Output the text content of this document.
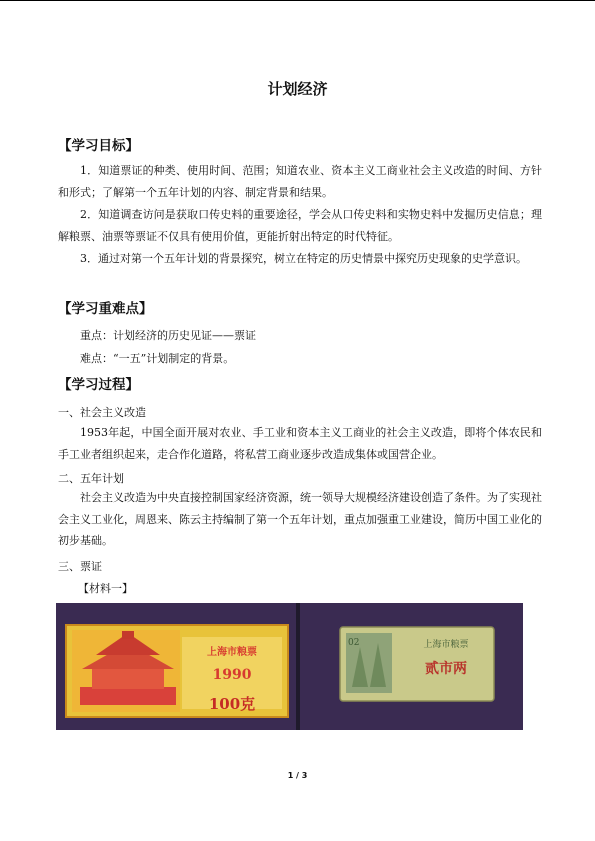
计划经济
【学习目标】

1．知道票证的种类、使用时间、范围；知道农业、资本主义工商业社会主义改造的时间、方针和形式；了解第一个五年计划的内容、制定背景和结果。

2．知道调查访问是获取口传史料的重要途径，学会从口传史料和实物史料中发掘历史信息；理解粮票、油票等票证不仅具有使用价值，更能折射出特定的时代特征。

3．通过对第一个五年计划的背景探究，树立在特定的历史情景中探究历史现象的史学意识。

【学习重难点】
重点：计划经济的历史见证——票证
难点：“一五”计划制定的背景。
【学习过程】
一、社会主义改造

1953年起，中国全面开展对农业、手工业和资本主义工商业的社会主义改造，即将个体农民和手工业者组织起来，走合作化道路，将私营工商业逐步改造成集体或国营企业。

二、五年计划

社会主义改造为中央直接控制国家经济资源，统一领导大规模经济建设创造了条件。为了实现社会主义工业化，周恩来、陈云主持编制了第一个五年计划，重点加强重工业建设，简历中国工业化的初步基础。

三、票证
【材料一】
上海市粮票
1990
100克
02	上海市粮票
贰市两
1 / 3
